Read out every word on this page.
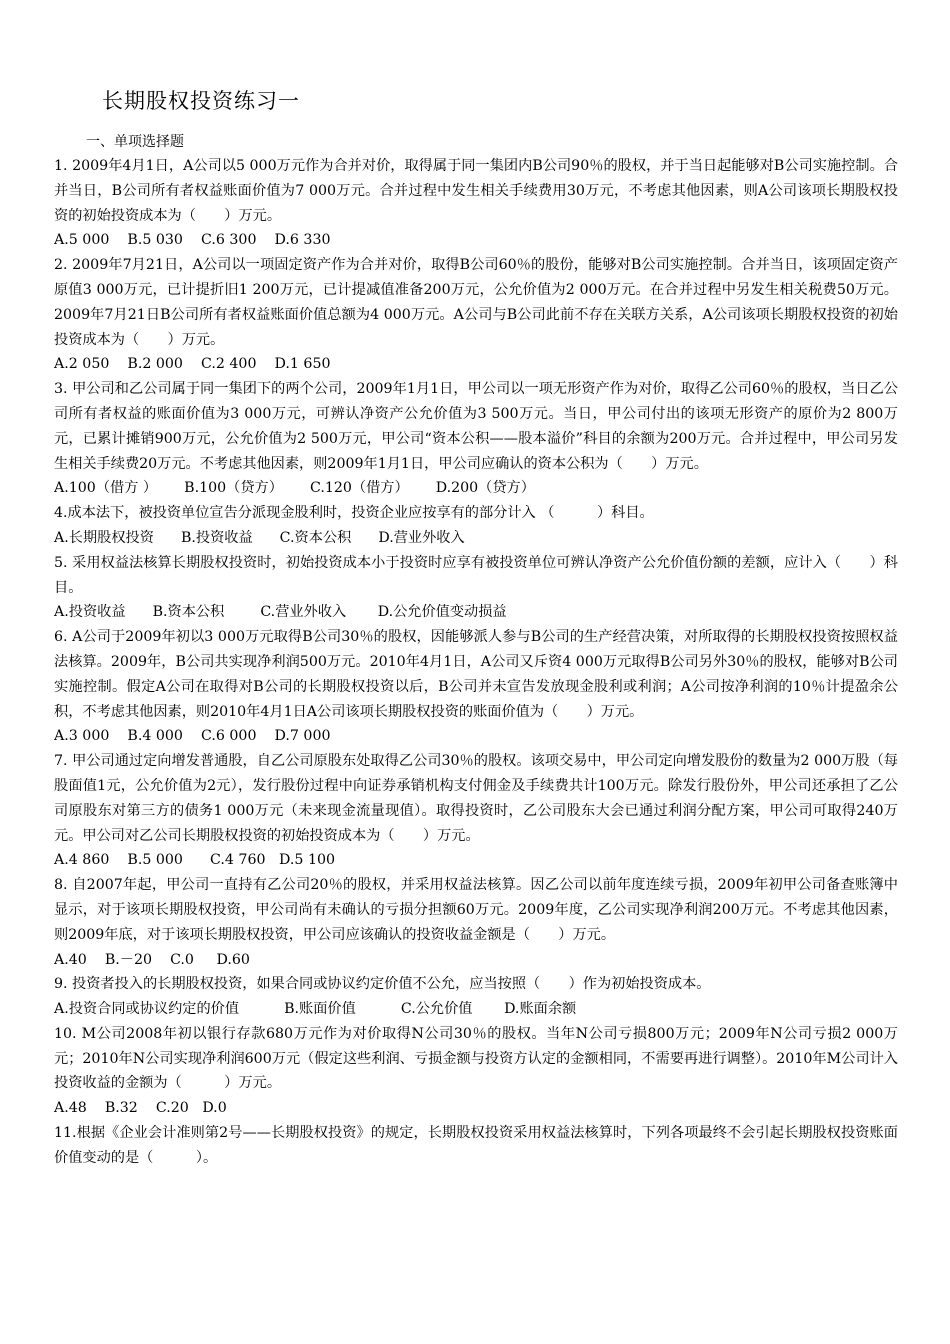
长期股权投资练习一
一、单项选择题

1. 2009年4月1日，A公司以5 000万元作为合并对价，取得属于同一集团内B公司90％的股权，并于当日起能够对B公司实施控制。合并当日，B公司所有者权益账面价值为7 000万元。合并过程中发生相关手续费用30万元，不考虑其他因素，则A公司该项长期股权投资的初始投资成本为（　　）万元。

A.5 000    B.5 030    C.6 300    D.6 330

2. 2009年7月21日，A公司以一项固定资产作为合并对价，取得B公司60％的股份，能够对B公司实施控制。合并当日，该项固定资产原值3 000万元，已计提折旧1 200万元，已计提减值准备200万元，公允价值为2 000万元。在合并过程中另发生相关税费50万元。2009年7月21日B公司所有者权益账面价值总额为4 000万元。A公司与B公司此前不存在关联方关系，A公司该项长期股权投资的初始投资成本为（　　）万元。

A.2 050    B.2 000    C.2 400    D.1 650

3. 甲公司和乙公司属于同一集团下的两个公司，2009年1月1日，甲公司以一项无形资产作为对价，取得乙公司60％的股权，当日乙公司所有者权益的账面价值为3 000万元，可辨认净资产公允价值为3 500万元。当日，甲公司付出的该项无形资产的原价为2 800万元，已累计摊销900万元，公允价值为2 500万元，甲公司“资本公积——股本溢价”科目的余额为200万元。合并过程中，甲公司另发生相关手续费20万元。不考虑其他因素，则2009年1月1日，甲公司应确认的资本公积为（　　）万元。

A.100（借方 ）      B.100（贷方）      C.120（借方）      D.200（贷方）

4.成本法下，被投资单位宣告分派现金股利时，投资企业应按享有的部分计入 （　　　）科目。

A.长期股权投资      B.投资收益      C.资本公积      D.营业外收入

5. 采用权益法核算长期股权投资时，初始投资成本小于投资时应享有被投资单位可辨认净资产公允价值份额的差额，应计入（　　）科目。

A.投资收益      B.资本公积        C.营业外收入       D.公允价值变动损益

6. A公司于2009年初以3 000万元取得B公司30％的股权，因能够派人参与B公司的生产经营决策，对所取得的长期股权投资按照权益法核算。2009年，B公司共实现净利润500万元。2010年4月1日，A公司又斥资4 000万元取得B公司另外30％的股权，能够对B公司实施控制。假定A公司在取得对B公司的长期股权投资以后，B公司并未宣告发放现金股利或利润；A公司按净利润的10％计提盈余公积，不考虑其他因素，则2010年4月1日A公司该项长期股权投资的账面价值为（　　）万元。

A.3 000    B.4 000    C.6 000    D.7 000

7. 甲公司通过定向增发普通股，自乙公司原股东处取得乙公司30％的股权。该项交易中，甲公司定向增发股份的数量为2 000万股（每股面值1元，公允价值为2元），发行股份过程中向证券承销机构支付佣金及手续费共计100万元。除发行股份外，甲公司还承担了乙公司原股东对第三方的债务1 000万元（未来现金流量现值）。取得投资时，乙公司股东大会已通过利润分配方案，甲公司可取得240万元。甲公司对乙公司长期股权投资的初始投资成本为（　　）万元。

A.4 860    B.5 000      C.4 760   D.5 100

8. 自2007年起，甲公司一直持有乙公司20％的股权，并采用权益法核算。因乙公司以前年度连续亏损，2009年初甲公司备查账簿中显示，对于该项长期股权投资，甲公司尚有未确认的亏损分担额60万元。2009年度，乙公司实现净利润200万元。不考虑其他因素，则2009年底，对于该项长期股权投资，甲公司应该确认的投资收益金额是（　　）万元。

A.40    B.－20    C.0     D.60

9. 投资者投入的长期股权投资，如果合同或协议约定价值不公允，应当按照（　　）作为初始投资成本。

A.投资合同或协议约定的价值          B.账面价值          C.公允价值       D.账面余额

10. M公司2008年初以银行存款680万元作为对价取得N公司30％的股权。当年N公司亏损800万元；2009年N公司亏损2 000万元；2010年N公司实现净利润600万元（假定这些利润、亏损金额与投资方认定的金额相同，不需要再进行调整）。2010年M公司计入投资收益的金额为（　　　）万元。

A.48    B.32    C.20   D.0

11.根据《企业会计准则第2号——长期股权投资》的规定，长期股权投资采用权益法核算时，下列各项最终不会引起长期股权投资账面价值变动的是（　　　）。
